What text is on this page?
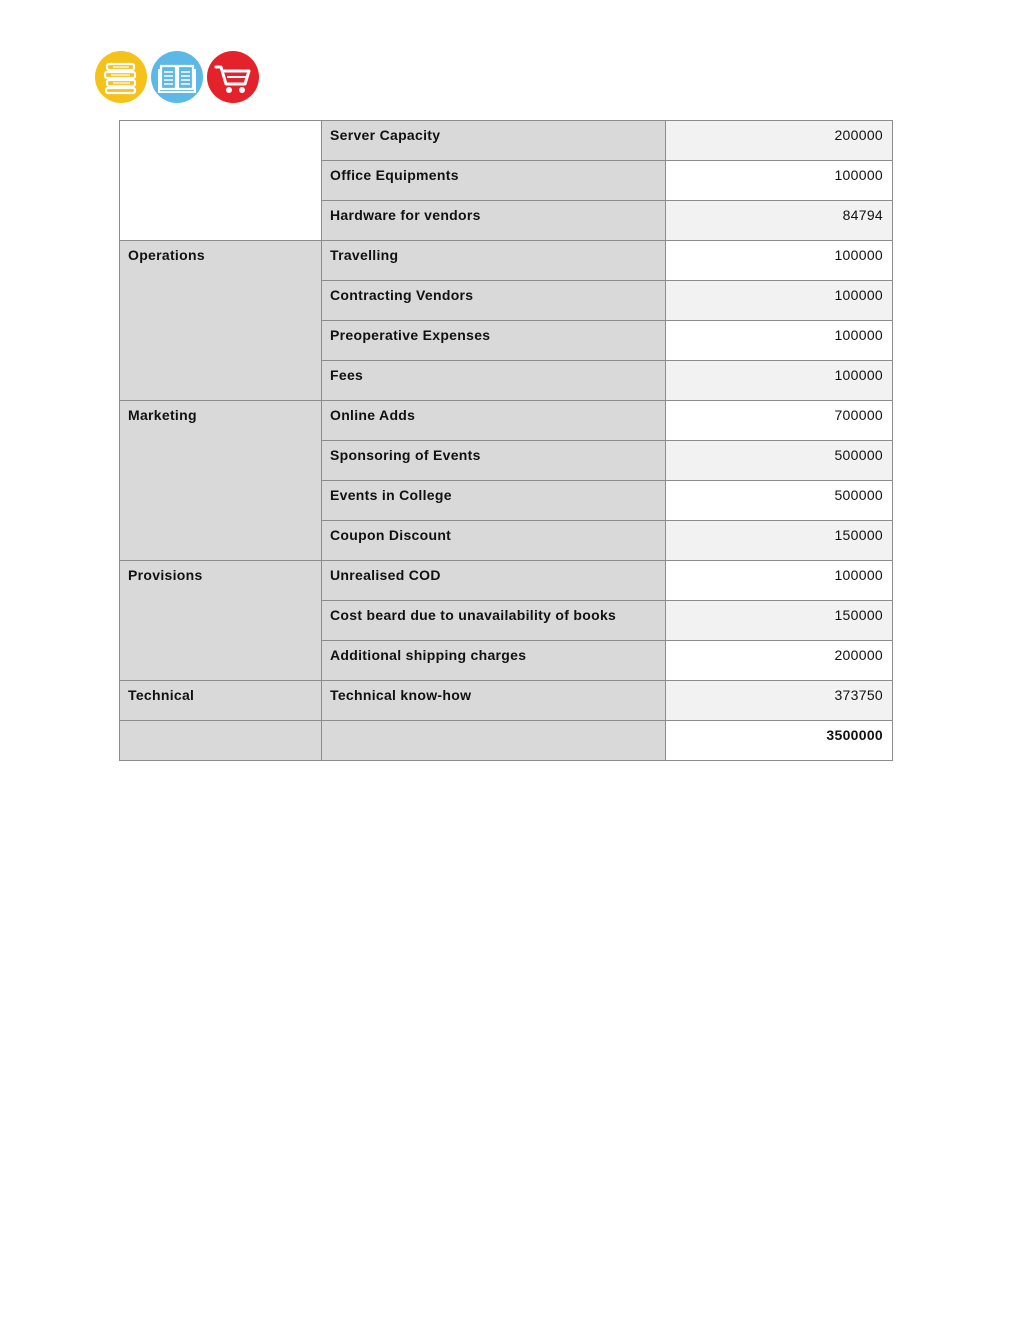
	Server Capacity	200000
	Office Equipments	100000
	Hardware for vendors	84794
Operations	Travelling	100000
	Contracting Vendors	100000
	Preoperative Expenses	100000
	Fees	100000
Marketing	Online Adds	700000
	Sponsoring of Events	500000
	Events in College	500000
	Coupon Discount	150000
Provisions	Unrealised COD	100000
	Cost beard due to unavailability of books	150000
	Additional shipping charges	200000
Technical	Technical know-how	373750
		3500000
